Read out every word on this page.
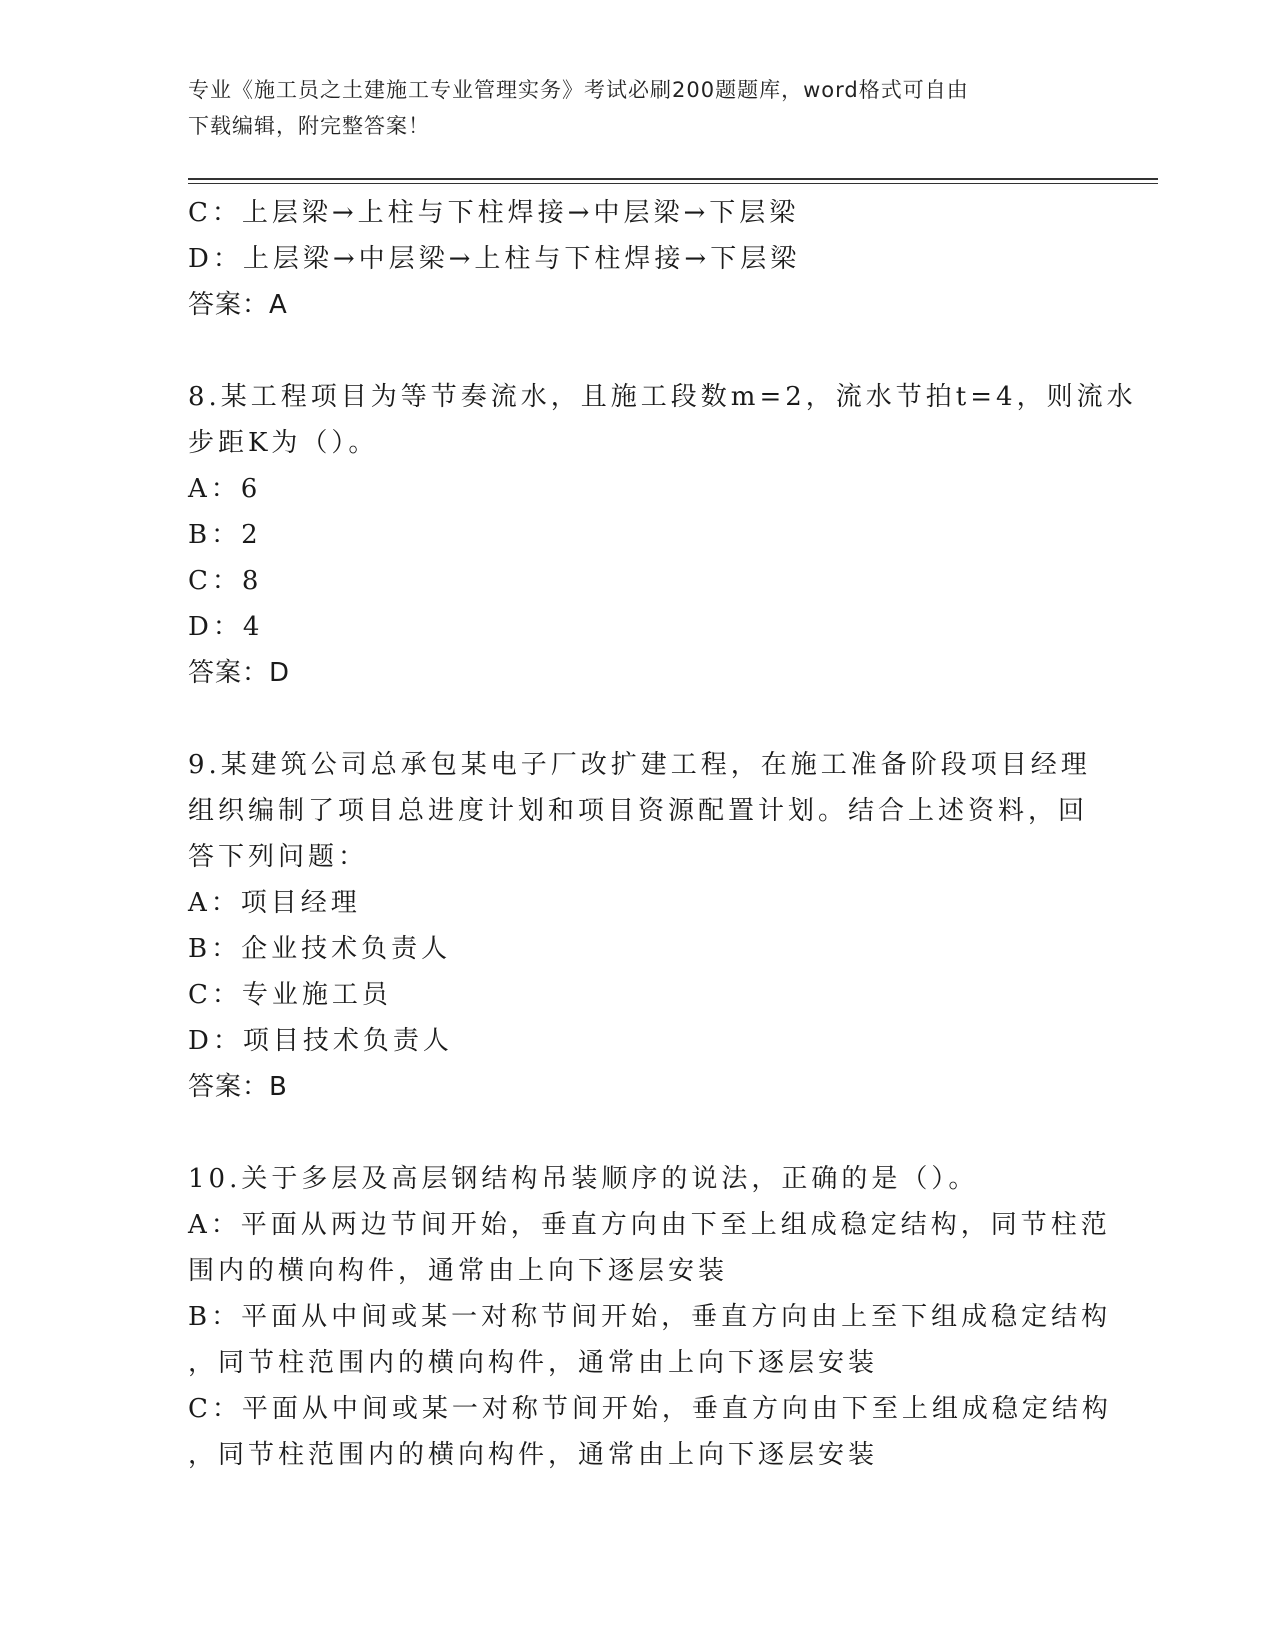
专业《施工员之土建施工专业管理实务》考试必刷200题题库，word格式可自由
下载编辑，附完整答案！
C：上层梁→上柱与下柱焊接→中层梁→下层梁
D：上层梁→中层梁→上柱与下柱焊接→下层梁
答案：A
8.某工程项目为等节奏流水，且施工段数m=2，流水节拍t=4，则流水
步距K为（）。
A：6
B：2
C：8
D：4
答案：D
9.某建筑公司总承包某电子厂改扩建工程，在施工准备阶段项目经理
组织编制了项目总进度计划和项目资源配置计划。结合上述资料，回
答下列问题：
A：项目经理
B：企业技术负责人
C：专业施工员
D：项目技术负责人
答案：B
10.关于多层及高层钢结构吊装顺序的说法，正确的是（）。
A：平面从两边节间开始，垂直方向由下至上组成稳定结构，同节柱范
围内的横向构件，通常由上向下逐层安装
B：平面从中间或某一对称节间开始，垂直方向由上至下组成稳定结构
，同节柱范围内的横向构件，通常由上向下逐层安装
C：平面从中间或某一对称节间开始，垂直方向由下至上组成稳定结构
，同节柱范围内的横向构件，通常由上向下逐层安装
